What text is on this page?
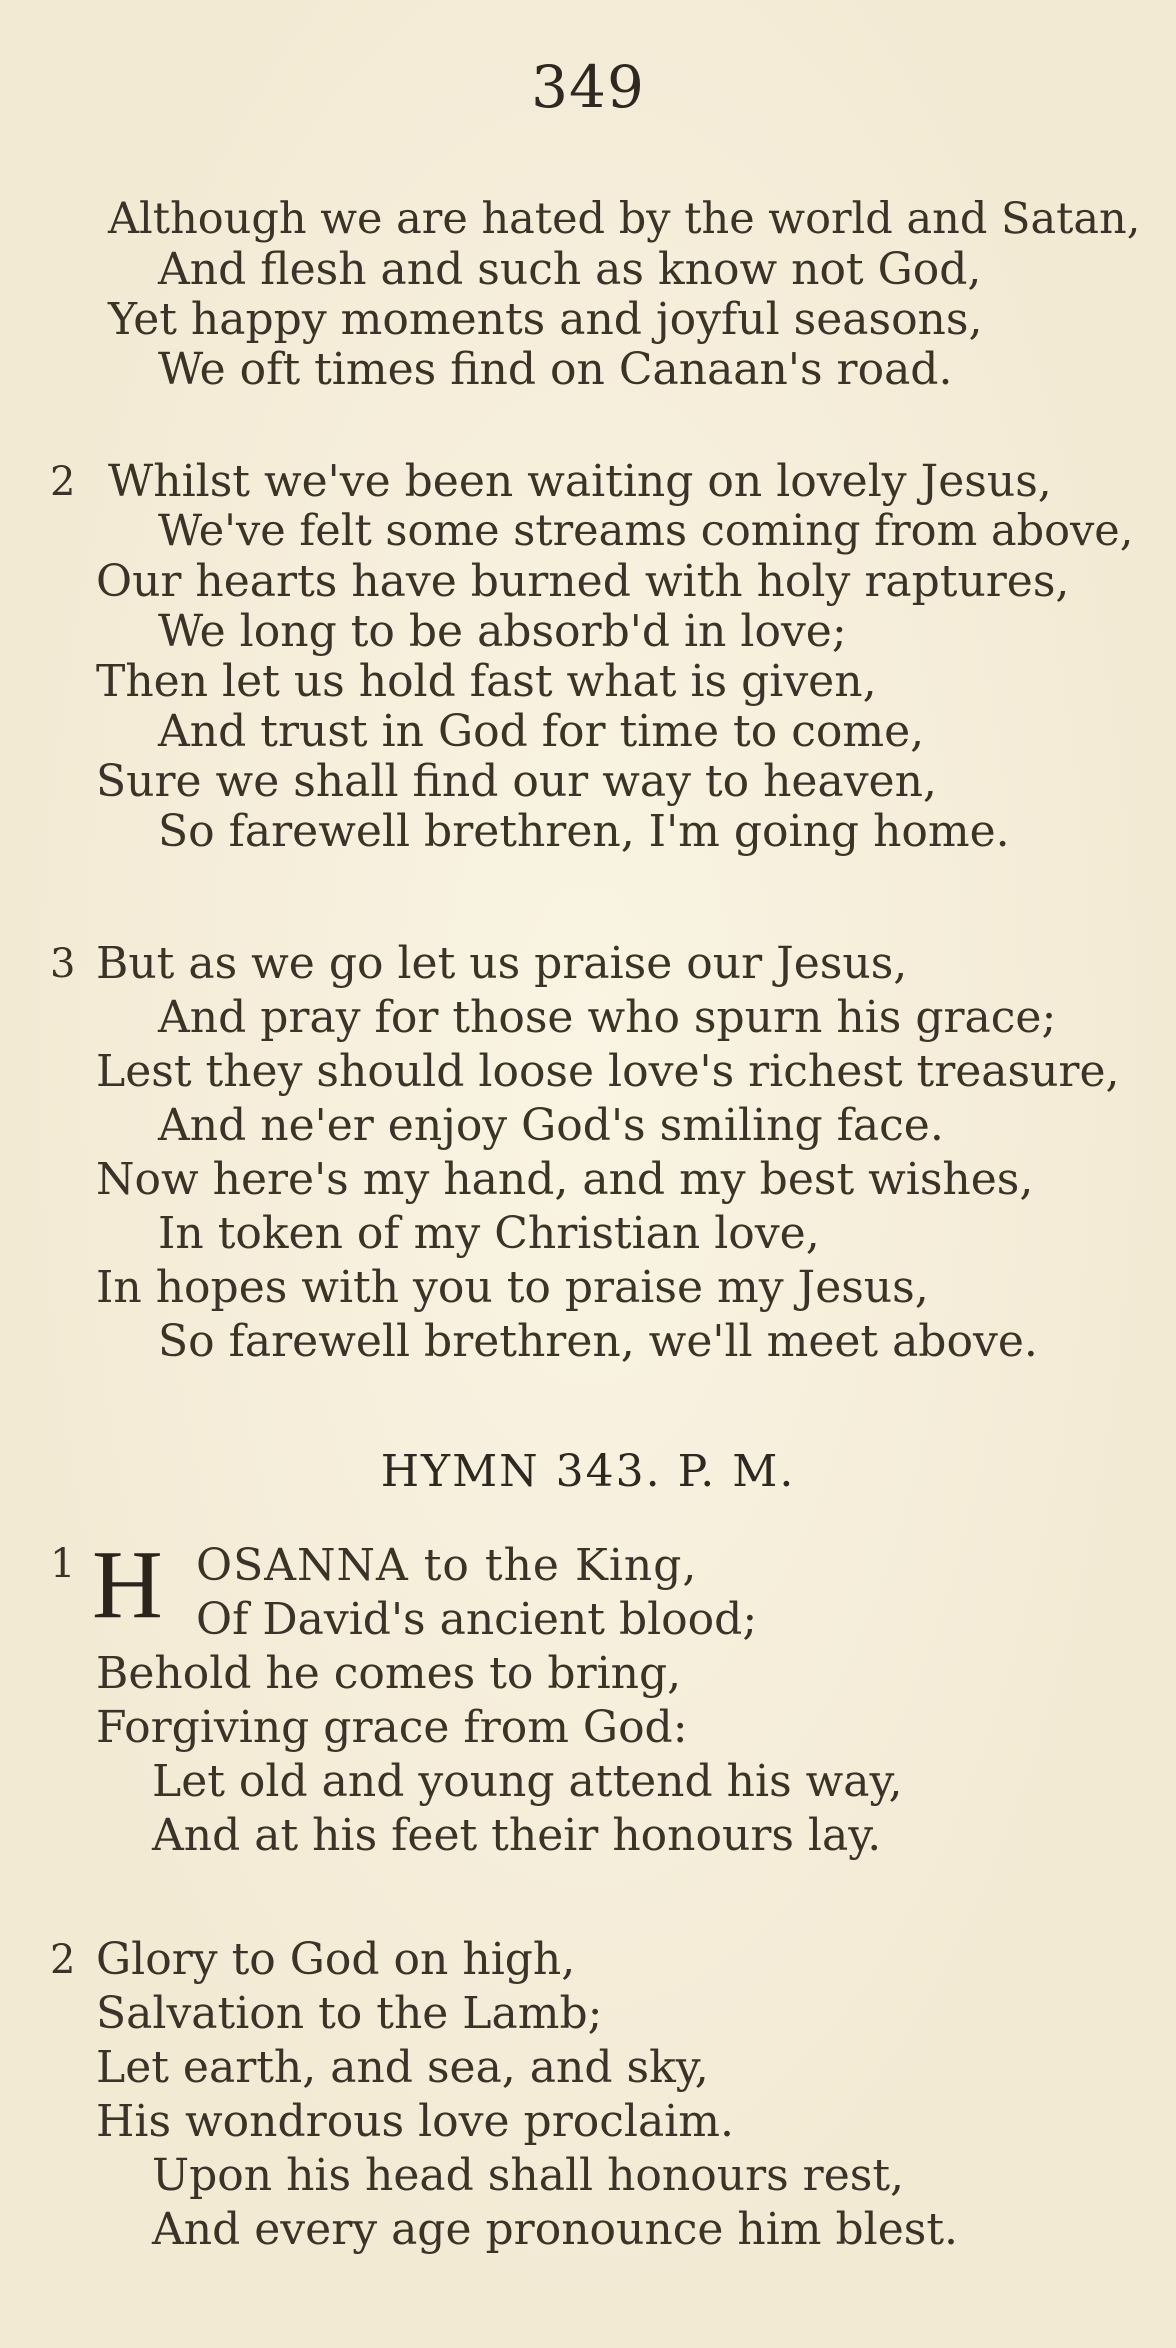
349
Although we are hated by the world and Satan,
And flesh and such as know not God,
Yet happy moments and joyful seasons,
We oft times find on Canaan's road.
2 Whilst we've been waiting on lovely Jesus,
We've felt some streams coming from above,
Our hearts have burned with holy raptures,
We long to be absorb'd in love;
Then let us hold fast what is given,
And trust in God for time to come,
Sure we shall find our way to heaven,
So farewell brethren, I'm going home.
3 But as we go let us praise our Jesus,
And pray for those who spurn his grace;
Lest they should loose love's richest treasure,
And ne'er enjoy God's smiling face.
Now here's my hand, and my best wishes,
In token of my Christian love,
In hopes with you to praise my Jesus,
So farewell brethren, we'll meet above.
HYMN 343. P. M.
1 H OSANNA to the King,
Of David's ancient blood;
Behold he comes to bring,
Forgiving grace from God:
Let old and young attend his way,
And at his feet their honours lay.
2 Glory to God on high,
Salvation to the Lamb;
Let earth, and sea, and sky,
His wondrous love proclaim.
Upon his head shall honours rest,
And every age pronounce him blest.
